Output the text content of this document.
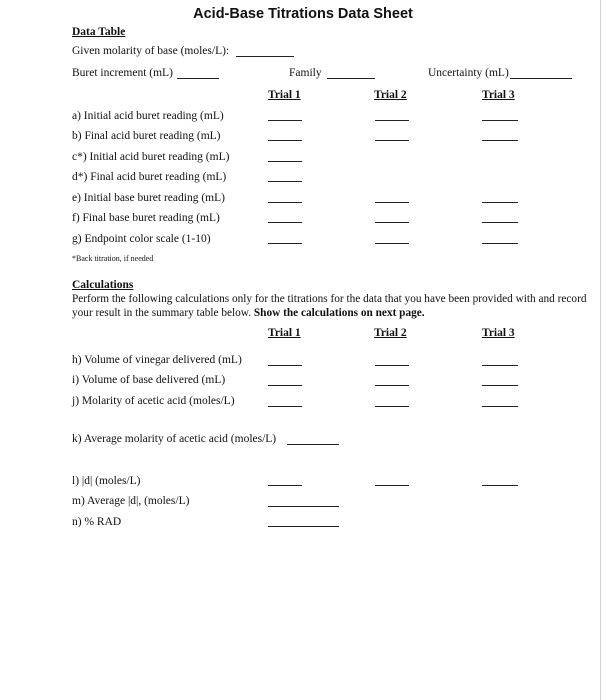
Acid-Base Titrations Data Sheet
Data Table
Given molarity of base (moles/L):
Buret increment (mL)	Family	Uncertainty (mL)
Trial 1	Trial 2	Trial 3
a) Initial acid buret reading (mL)
b) Final acid buret reading (mL)
c*) Initial acid buret reading (mL)
d*) Final acid buret reading (mL)
e) Initial base buret reading (mL)
f) Final base buret reading (mL)
g) Endpoint color scale (1-10)
*Back titration, if needed
Calculations
Perform the following calculations only for the titrations for the data that you have been provided with and record your result in the summary table below. Show the calculations on next page.
Trial 1	Trial 2	Trial 3
h) Volume of vinegar delivered (mL)
i) Volume of base delivered (mL)
j) Molarity of acetic acid (moles/L)
k) Average molarity of acetic acid (moles/L)
l) |d| (moles/L)
m) Average |d|, (moles/L)
n) % RAD
